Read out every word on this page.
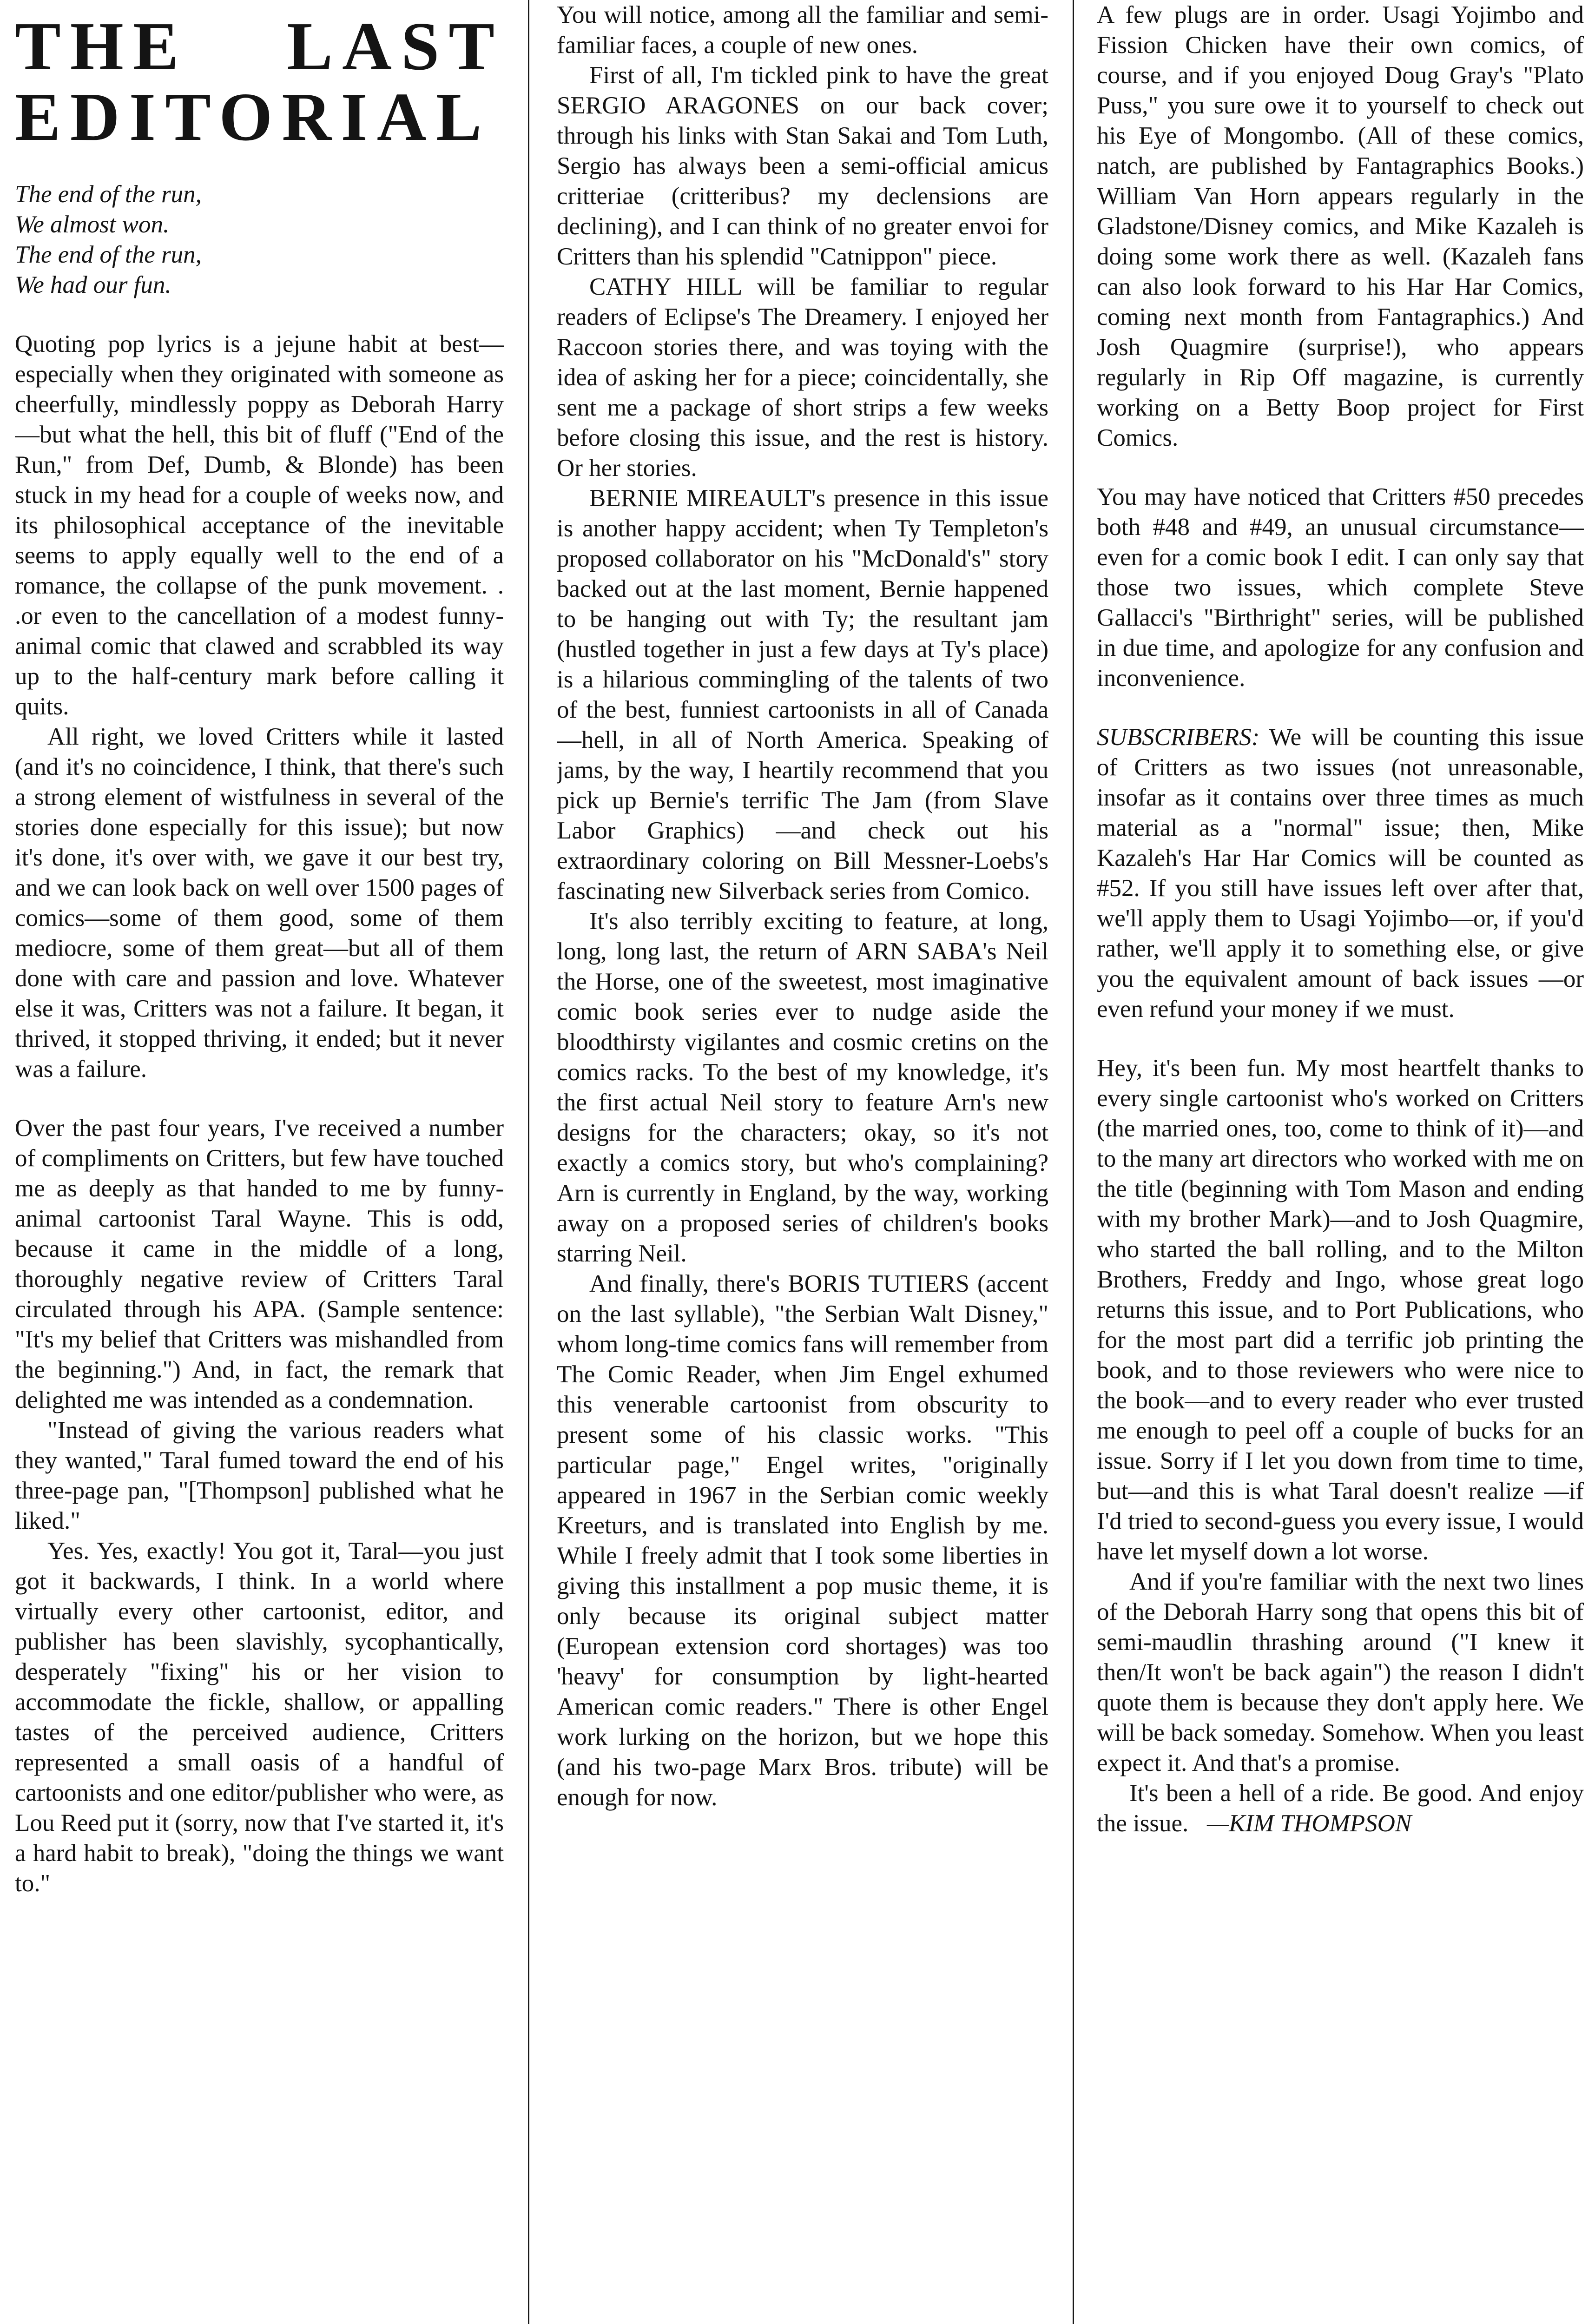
THE LAST
EDITORIAL
The end of the run,
We almost won.
The end of the run,
We had our fun.

Quoting pop lyrics is a jejune habit at best—especially when they originated with someone as cheerfully, mindlessly poppy as Deborah Harry—but what the hell, this bit of fluff ("End of the Run," from Def, Dumb, & Blonde) has been stuck in my head for a couple of weeks now, and its philosophical acceptance of the inevitable seems to apply equally well to the end of a romance, the collapse of the punk movement. . .or even to the cancellation of a modest funny-animal comic that clawed and scrabbled its way up to the half-century mark before calling it quits.

All right, we loved Critters while it lasted (and it's no coincidence, I think, that there's such a strong element of wistfulness in several of the stories done especially for this issue); but now it's done, it's over with, we gave it our best try, and we can look back on well over 1500 pages of comics—some of them good, some of them mediocre, some of them great—but all of them done with care and passion and love. Whatever else it was, Critters was not a failure. It began, it thrived, it stopped thriving, it ended; but it never was a failure.

Over the past four years, I've received a number of compliments on Critters, but few have touched me as deeply as that handed to me by funny-animal cartoonist Taral Wayne. This is odd, because it came in the middle of a long, thoroughly negative review of Critters Taral circulated through his APA. (Sample sentence: "It's my belief that Critters was mishandled from the beginning.") And, in fact, the remark that delighted me was intended as a condemnation.

"Instead of giving the various readers what they wanted," Taral fumed toward the end of his three-page pan, "[Thompson] published what he liked."

Yes. Yes, exactly! You got it, Taral—you just got it backwards, I think. In a world where virtually every other cartoonist, editor, and publisher has been slavishly, sycophantically, desperately "fixing" his or her vision to accommodate the fickle, shallow, or appalling tastes of the perceived audience, Critters represented a small oasis of a handful of cartoonists and one editor/publisher who were, as Lou Reed put it (sorry, now that I've started it, it's a hard habit to break), "doing the things we want to."

You will notice, among all the familiar and semi-familiar faces, a couple of new ones.

First of all, I'm tickled pink to have the great SERGIO ARAGONES on our back cover; through his links with Stan Sakai and Tom Luth, Sergio has always been a semi-official amicus critteriae (critteribus? my declensions are declining), and I can think of no greater envoi for Critters than his splendid "Catnippon" piece.

CATHY HILL will be familiar to regular readers of Eclipse's The Dreamery. I enjoyed her Raccoon stories there, and was toying with the idea of asking her for a piece; coincidentally, she sent me a package of short strips a few weeks before closing this issue, and the rest is history. Or her stories.

BERNIE MIREAULT's presence in this issue is another happy accident; when Ty Templeton's proposed collaborator on his "McDonald's" story backed out at the last moment, Bernie happened to be hanging out with Ty; the resultant jam (hustled together in just a few days at Ty's place) is a hilarious commingling of the talents of two of the best, funniest cartoonists in all of Canada—hell, in all of North America. Speaking of jams, by the way, I heartily recommend that you pick up Bernie's terrific The Jam (from Slave Labor Graphics) —and check out his extraordinary coloring on Bill Messner-Loebs's fascinating new Silverback series from Comico.

It's also terribly exciting to feature, at long, long, long last, the return of ARN SABA's Neil the Horse, one of the sweetest, most imaginative comic book series ever to nudge aside the bloodthirsty vigilantes and cosmic cretins on the comics racks. To the best of my knowledge, it's the first actual Neil story to feature Arn's new designs for the characters; okay, so it's not exactly a comics story, but who's complaining? Arn is currently in England, by the way, working away on a proposed series of children's books starring Neil.

And finally, there's BORIS TUTIERS (accent on the last syllable), "the Serbian Walt Disney," whom long-time comics fans will remember from The Comic Reader, when Jim Engel exhumed this venerable cartoonist from obscurity to present some of his classic works. "This particular page," Engel writes, "originally appeared in 1967 in the Serbian comic weekly Kreeturs, and is translated into English by me. While I freely admit that I took some liberties in giving this installment a pop music theme, it is only because its original subject matter (European extension cord shortages) was too 'heavy' for consumption by light-hearted American comic readers." There is other Engel work lurking on the horizon, but we hope this (and his two-page Marx Bros. tribute) will be enough for now.

A few plugs are in order. Usagi Yojimbo and Fission Chicken have their own comics, of course, and if you enjoyed Doug Gray's "Plato Puss," you sure owe it to yourself to check out his Eye of Mongombo. (All of these comics, natch, are published by Fantagraphics Books.) William Van Horn appears regularly in the Gladstone/Disney comics, and Mike Kazaleh is doing some work there as well. (Kazaleh fans can also look forward to his Har Har Comics, coming next month from Fantagraphics.) And Josh Quagmire (surprise!), who appears regularly in Rip Off magazine, is currently working on a Betty Boop project for First Comics.

You may have noticed that Critters #50 precedes both #48 and #49, an unusual circumstance—even for a comic book I edit. I can only say that those two issues, which complete Steve Gallacci's "Birthright" series, will be published in due time, and apologize for any confusion and inconvenience.

SUBSCRIBERS: We will be counting this issue of Critters as two issues (not unreasonable, insofar as it contains over three times as much material as a "normal" issue; then, Mike Kazaleh's Har Har Comics will be counted as #52. If you still have issues left over after that, we'll apply them to Usagi Yojimbo—or, if you'd rather, we'll apply it to something else, or give you the equivalent amount of back issues —or even refund your money if we must.

Hey, it's been fun. My most heartfelt thanks to every single cartoonist who's worked on Critters (the married ones, too, come to think of it)—and to the many art directors who worked with me on the title (beginning with Tom Mason and ending with my brother Mark)—and to Josh Quagmire, who started the ball rolling, and to the Milton Brothers, Freddy and Ingo, whose great logo returns this issue, and to Port Publications, who for the most part did a terrific job printing the book, and to those reviewers who were nice to the book—and to every reader who ever trusted me enough to peel off a couple of bucks for an issue. Sorry if I let you down from time to time, but—and this is what Taral doesn't realize —if I'd tried to second-guess you every issue, I would have let myself down a lot worse.

And if you're familiar with the next two lines of the Deborah Harry song that opens this bit of semi-maudlin thrashing around ("I knew it then/It won't be back again") the reason I didn't quote them is because they don't apply here. We will be back someday. Somehow. When you least expect it. And that's a promise.

It's been a hell of a ride. Be good. And enjoy the issue. —KIM THOMPSON
